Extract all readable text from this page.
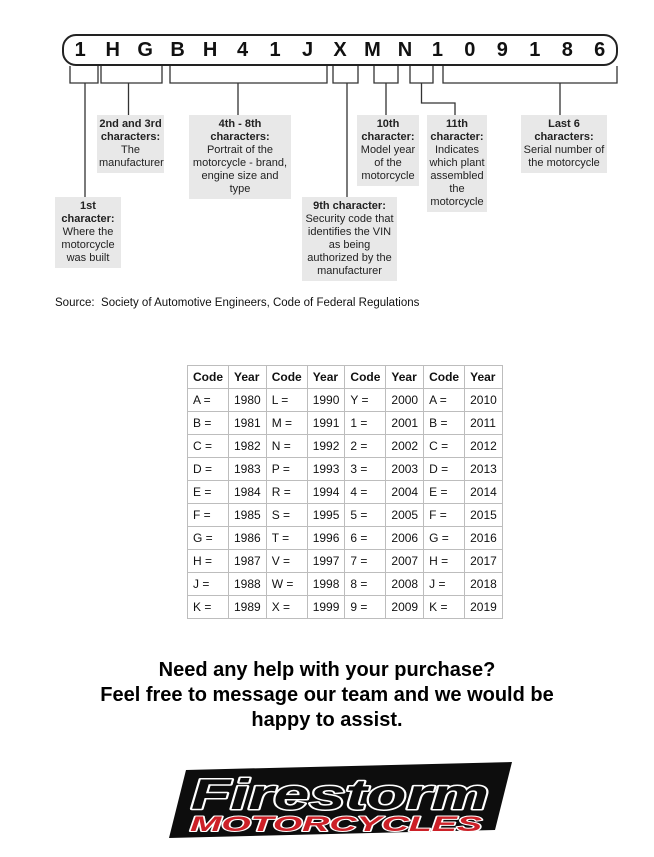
1 H G B H 4	1	J	X M N 1	0	9	1	8	6
1st character:
Where the motorcycle was built
2nd and 3rd characters:
The manufacturer
4th - 8th characters:
Portrait of the motorcycle - brand, engine size and type
9th character:
Security code that identifies the VIN as being authorized by the manufacturer
10th character:
Model year of the motorcycle
11th character:
Indicates which plant assembled the motorcycle
Last 6 characters:
Serial number of the motorcycle
Source:  Society of Automotive Engineers, Code of Federal Regulations
Code	Year	Code	Year	Code	Year	Code	Year
A =	1980	L =	1990	Y =	2000	A =	2010
B =	1981	M =	1991	1 =	2001	B =	2011
C =	1982	N =	1992	2 =	2002	C =	2012
D =	1983	P =	1993	3 =	2003	D =	2013
E =	1984	R =	1994	4 =	2004	E =	2014
F =	1985	S =	1995	5 =	2005	F =	2015
G =	1986	T =	1996	6 =	2006	G =	2016
H =	1987	V =	1997	7 =	2007	H =	2017
J =	1988	W =	1998	8 =	2008	J =	2018
K =	1989	X =	1999	9 =	2009	K =	2019
Need any help with your purchase?
Feel free to message our team and we would be
happy to assist.
Firestorm
MOTORCYCLES
